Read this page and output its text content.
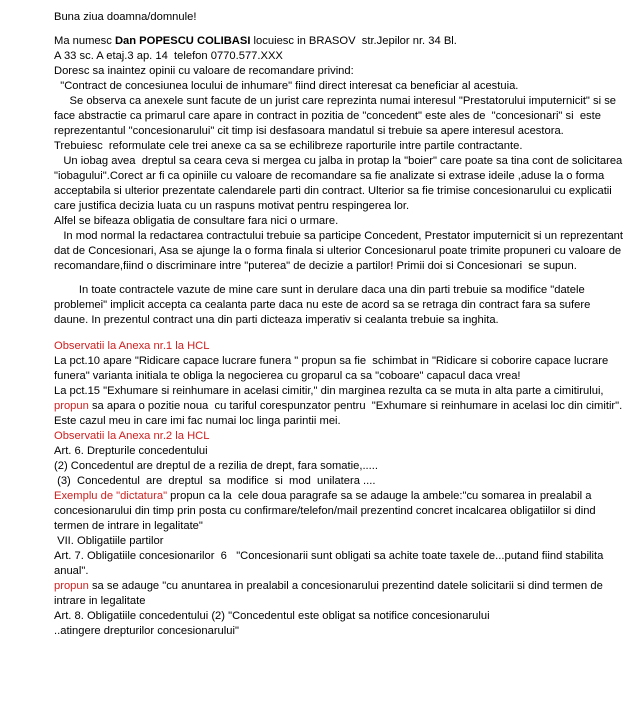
Buna ziua doamna/domnule!

Ma numesc Dan POPESCU COLIBASI locuiesc in BRASOV  str.Jepilor nr. 34 Bl.

A 33 sc. A etaj.3 ap. 14  telefon 0770.577.XXX

Doresc sa inaintez opinii cu valoare de recomandare privind:

"Contract de concesiunea locului de inhumare" fiind direct interesat ca beneficiar al acestuia.

Se observa ca anexele sunt facute de un jurist care reprezinta numai interesul "Prestatorului imputernicit" si se face abstractie ca primarul care apare in contract in pozitia de "concedent" este ales de  "concesionari" si  este reprezentantul "concesionarului" cit timp isi desfasoara mandatul si trebuie sa apere interesul acestora.

Trebuiesc  reformulate cele trei anexe ca sa se echilibreze raporturile intre partile contractante.

Un iobag avea  dreptul sa ceara ceva si mergea cu jalba in protap la "boier" care poate sa tina cont de solicitarea "iobagului".Corect ar fi ca opiniile cu valoare de recomandare sa fie analizate si extrase ideile ,aduse la o forma acceptabila si ulterior prezentate calendarele parti din contract. Ulterior sa fie trimise concesionarului cu explicatii care justifica decizia luata cu un raspuns motivat pentru respingerea lor.

Alfel se bifeaza obligatia de consultare fara nici o urmare.

In mod normal la redactarea contractului trebuie sa participe Concedent, Prestator imputernicit si un reprezentant dat de Concesionari, Asa se ajunge la o forma finala si ulterior Concesionarul poate trimite propuneri cu valoare de recomandare,fiind o discriminare intre "puterea" de decizie a partilor! Primii doi si Concesionari  se supun.

In toate contractele vazute de mine care sunt in derulare daca una din parti trebuie sa modifice "datele problemei" implicit accepta ca cealanta parte daca nu este de acord sa se retraga din contract fara sa sufere daune. In prezentul contract una din parti dicteaza imperativ si cealanta trebuie sa inghita.

Observatii la Anexa nr.1 la HCL

La pct.10 apare "Ridicare capace lucrare funera " propun sa fie  schimbat in "Ridicare si coborire capace lucrare funera" varianta initiala te obliga la negocierea cu groparul ca sa "coboare" capacul daca vrea!

La pct.15 "Exhumare si reinhumare in acelasi cimitir," din marginea rezulta ca se muta in alta parte a cimitirului,

propun sa apara o pozitie noua  cu tariful corespunzator pentru  "Exhumare si reinhumare in acelasi loc din cimitir". Este cazul meu in care imi fac numai loc linga parintii mei.

Observatii la Anexa nr.2 la HCL

Art. 6. Drepturile concedentului

(2) Concedentul are dreptul de a rezilia de drept, fara somatie,.....

(3)  Concedentul  are  dreptul  sa  modifice  si  mod  unilatera ....

Exemplu de "dictatura" propun ca la  cele doua paragrafe sa se adauge la ambele:"cu somarea in prealabil a concesionarului din timp prin posta cu confirmare/telefon/mail prezentind concret incalcarea obligatiilor si dind termen de intrare in legalitate"

VII. Obligatiile partilor

Art. 7. Obligatiile concesionarilor  6   "Concesionarii sunt obligati sa achite toate taxele de...putand fiind stabilita anual".

propun sa se adauge "cu anuntarea in prealabil a concesionarului prezentind datele solicitarii si dind termen de intrare in legalitate

Art. 8. Obligatiile concedentului (2) "Concedentul este obligat sa notifice concesionarului

..atingere drepturilor concesionarului"
